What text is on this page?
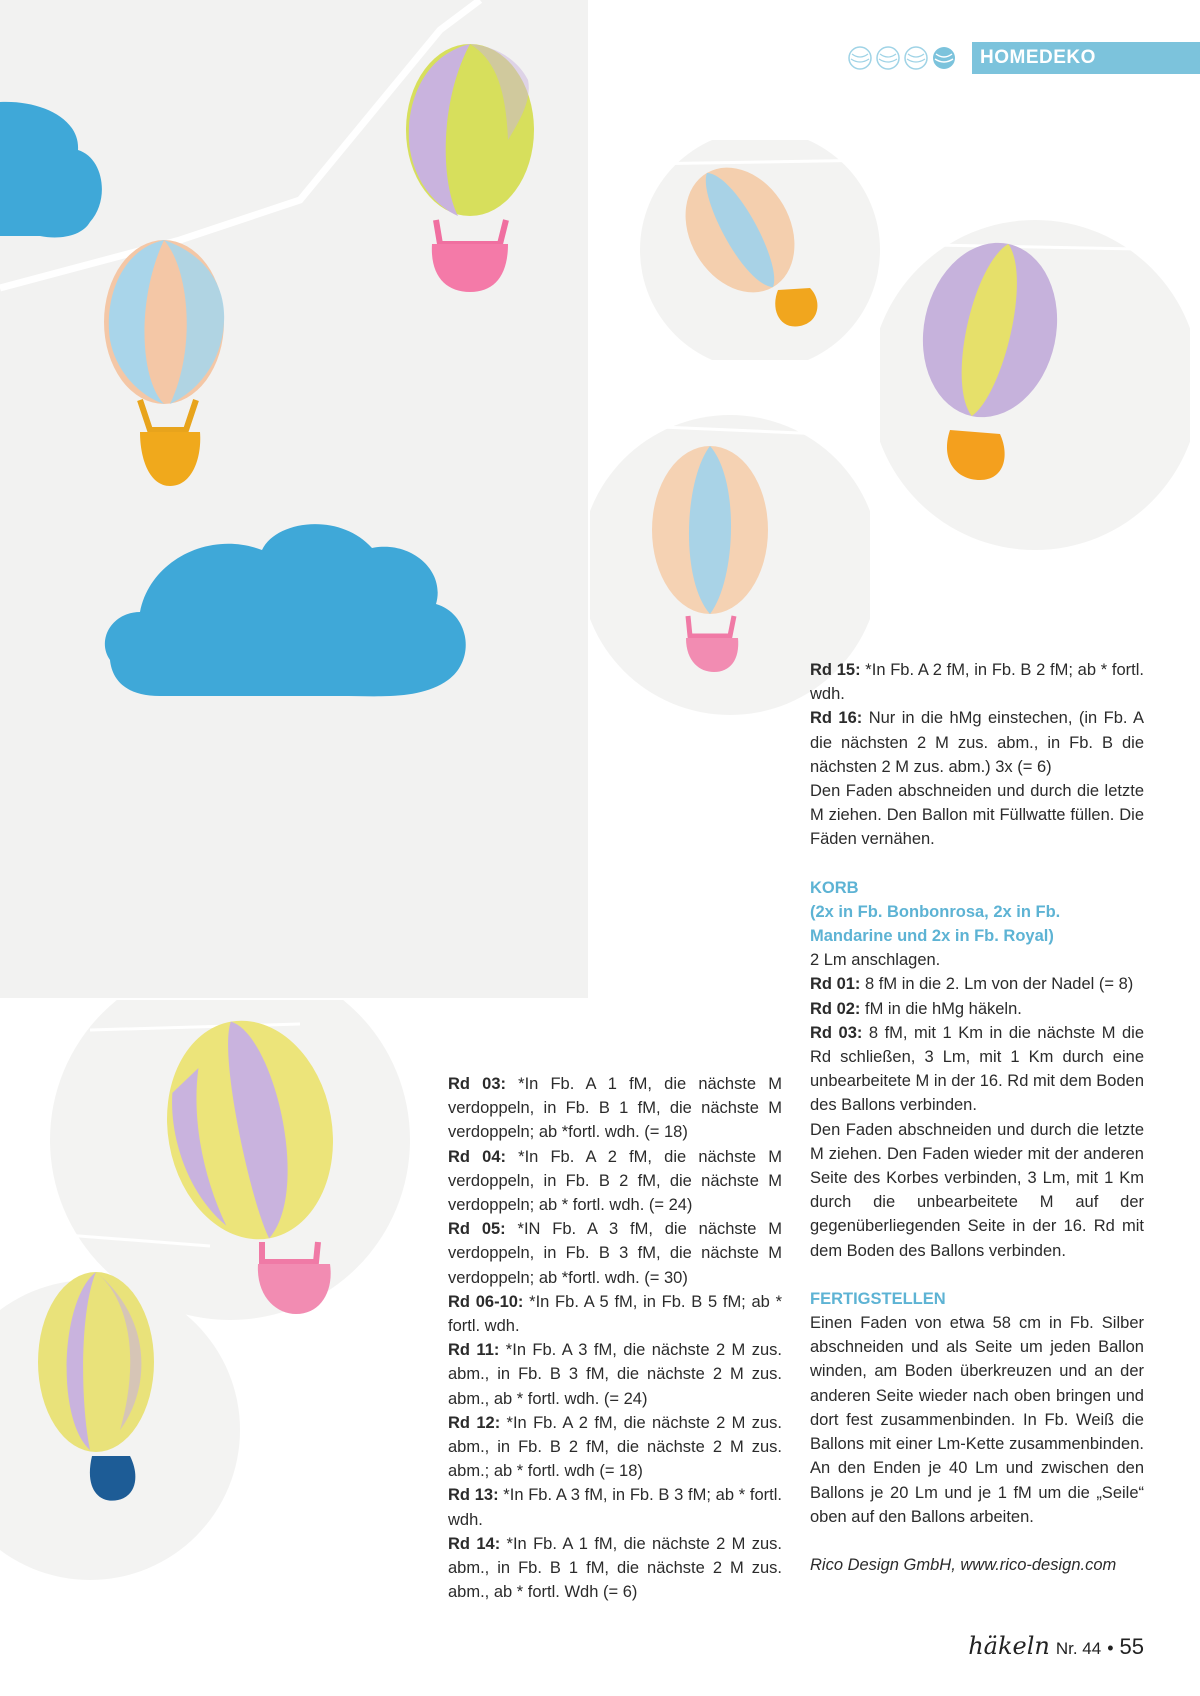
HOMEDEKO

Rd 03: *In Fb. A 1 fM, die nächste M verdoppeln, in Fb. B 1 fM, die nächste M verdoppeln; ab *fortl. wdh. (= 18)

Rd 04: *In Fb. A 2 fM, die nächste M verdoppeln, in Fb. B 2 fM, die nächste M verdoppeln; ab * fortl. wdh. (= 24)

Rd 05: *IN Fb. A 3 fM, die nächste M verdoppeln, in Fb. B 3 fM, die nächste M verdoppeln; ab *fortl. wdh. (= 30)

Rd 06-10: *In Fb. A 5 fM, in Fb. B 5 fM; ab * fortl. wdh.

Rd 11: *In Fb. A 3 fM, die nächste 2 M zus. abm., in Fb. B 3 fM, die nächste 2 M zus. abm., ab * fortl. wdh. (= 24)

Rd 12: *In Fb. A 2 fM, die nächste 2 M zus. abm., in Fb. B 2 fM, die nächste 2 M zus. abm.; ab * fortl. wdh (= 18)

Rd 13: *In Fb. A 3 fM, in Fb. B 3 fM; ab * fortl. wdh.

Rd 14: *In Fb. A 1 fM, die nächste 2 M zus. abm., in Fb. B 1 fM, die nächste 2 M zus. abm., ab * fortl. Wdh (= 6)

Rd 15: *In Fb. A 2 fM, in Fb. B 2 fM; ab * fortl. wdh.

Rd 16: Nur in die hMg einstechen, (in Fb. A die nächsten 2 M zus. abm., in Fb. B die nächsten 2 M zus. abm.) 3x (= 6)

Den Faden abschneiden und durch die letzte M ziehen. Den Ballon mit Füllwatte füllen. Die Fäden vernähen.

KORB

(2x in Fb. Bonbonrosa, 2x in Fb. Mandarine und 2x in Fb. Royal)

2 Lm anschlagen.

Rd 01: 8 fM in die 2. Lm von der Nadel (= 8)

Rd 02: fM in die hMg häkeln.

Rd 03: 8 fM, mit 1 Km in die nächste M die Rd schließen, 3 Lm, mit 1 Km durch eine unbearbeitete M in der 16. Rd mit dem Boden des Ballons verbinden.

Den Faden abschneiden und durch die letzte M ziehen. Den Faden wieder mit der anderen Seite des Korbes verbinden, 3 Lm, mit 1 Km durch die unbearbeitete M auf der gegenüberliegenden Seite in der 16. Rd mit dem Boden des Ballons verbinden.

FERTIGSTELLEN

Einen Faden von etwa 58 cm in Fb. Silber abschneiden und als Seite um jeden Ballon winden, am Boden überkreuzen und an der anderen Seite wieder nach oben bringen und dort fest zusammenbinden. In Fb. Weiß die Ballons mit einer Lm-Kette zusammenbinden. An den Enden je 40 Lm und zwischen den Ballons je 20 Lm und je 1 fM um die „Seile“ oben auf den Ballons arbeiten.

Rico Design GmbH, www.rico-design.com

häkeln Nr. 44 • 55
